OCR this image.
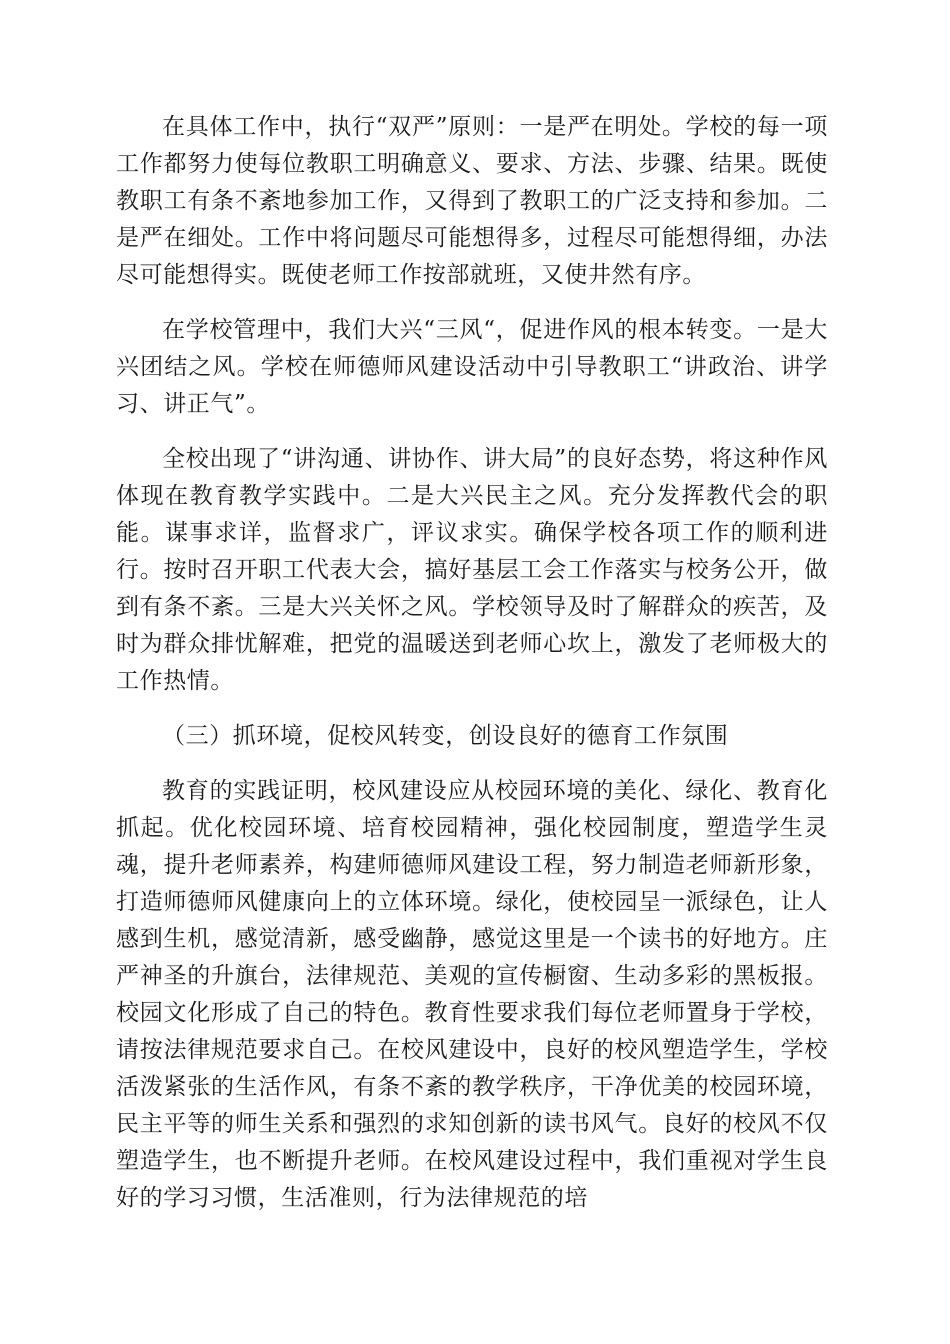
在具体工作中，执行“双严”原则：一是严在明处。学校的每一项工作都努力使每位教职工明确意义、要求、方法、步骤、结果。既使教职工有条不紊地参加工作，又得到了教职工的广泛支持和参加。二是严在细处。工作中将问题尽可能想得多，过程尽可能想得细，办法尽可能想得实。既使老师工作按部就班，又使井然有序。

在学校管理中，我们大兴“三风“，促进作风的根本转变。一是大兴团结之风。学校在师德师风建设活动中引导教职工“讲政治、讲学习、讲正气”。

全校出现了“讲沟通、讲协作、讲大局”的良好态势，将这种作风体现在教育教学实践中。二是大兴民主之风。充分发挥教代会的职能。谋事求详，监督求广，评议求实。确保学校各项工作的顺利进行。按时召开职工代表大会，搞好基层工会工作落实与校务公开，做到有条不紊。三是大兴关怀之风。学校领导及时了解群众的疾苦，及时为群众排忧解难，把党的温暖送到老师心坎上，激发了老师极大的工作热情。

（三）抓环境，促校风转变，创设良好的德育工作氛围

教育的实践证明，校风建设应从校园环境的美化、绿化、教育化抓起。优化校园环境、培育校园精神，强化校园制度，塑造学生灵魂，提升老师素养，构建师德师风建设工程，努力制造老师新形象，打造师德师风健康向上的立体环境。绿化，使校园呈一派绿色，让人感到生机，感觉清新，感受幽静，感觉这里是一个读书的好地方。庄严神圣的升旗台，法律规范、美观的宣传橱窗、生动多彩的黑板报。校园文化形成了自己的特色。教育性要求我们每位老师置身于学校，请按法律规范要求自己。在校风建设中，良好的校风塑造学生，学校活泼紧张的生活作风，有条不紊的教学秩序，干净优美的校园环境，民主平等的师生关系和强烈的求知创新的读书风气。良好的校风不仅塑造学生，也不断提升老师。在校风建设过程中，我们重视对学生良好的学习习惯，生活准则，行为法律规范的培
